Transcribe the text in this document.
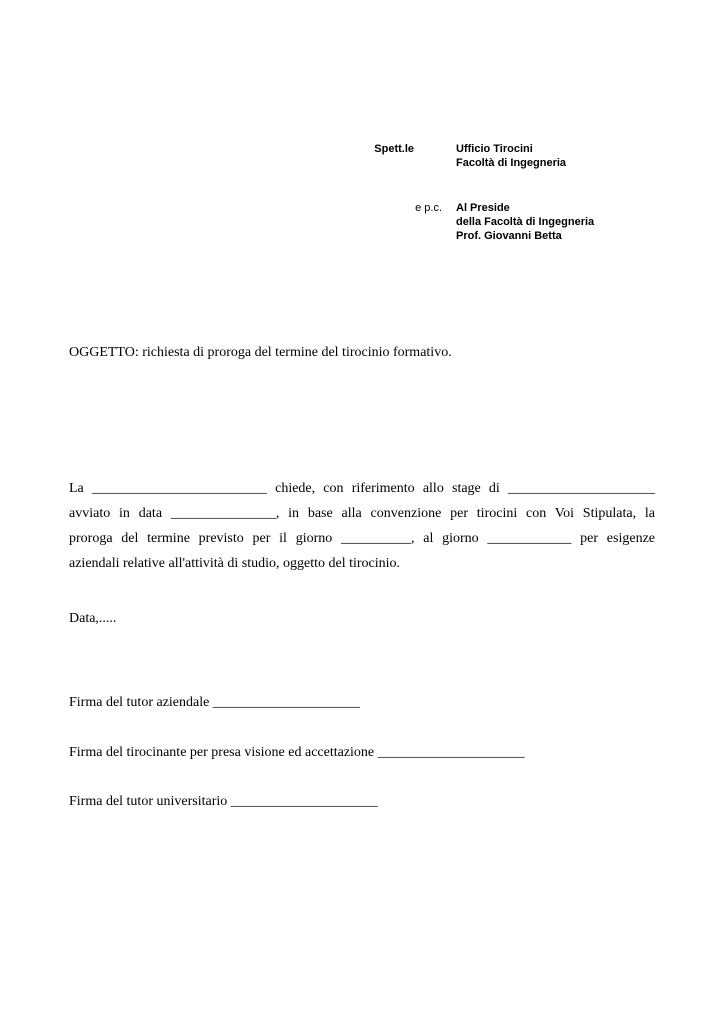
Spett.le	Ufficio Tirocini
Facoltà di Ingegneria
e p.c. Al Preside
della Facoltà di Ingegneria
Prof. Giovanni Betta
OGGETTO: richiesta di proroga del termine del tirocinio formativo.
La _________________________ chiede, con riferimento allo stage di _____________________
avviato in data _______________, in base alla convenzione per tirocini con Voi Stipulata, la
proroga del termine previsto per il giorno __________, al giorno ____________ per esigenze
aziendali relative all'attività di studio, oggetto del tirocinio.
Data,.....
Firma del tutor aziendale _____________________
Firma del tirocinante per presa visione ed accettazione _____________________
Firma del tutor universitario _____________________
